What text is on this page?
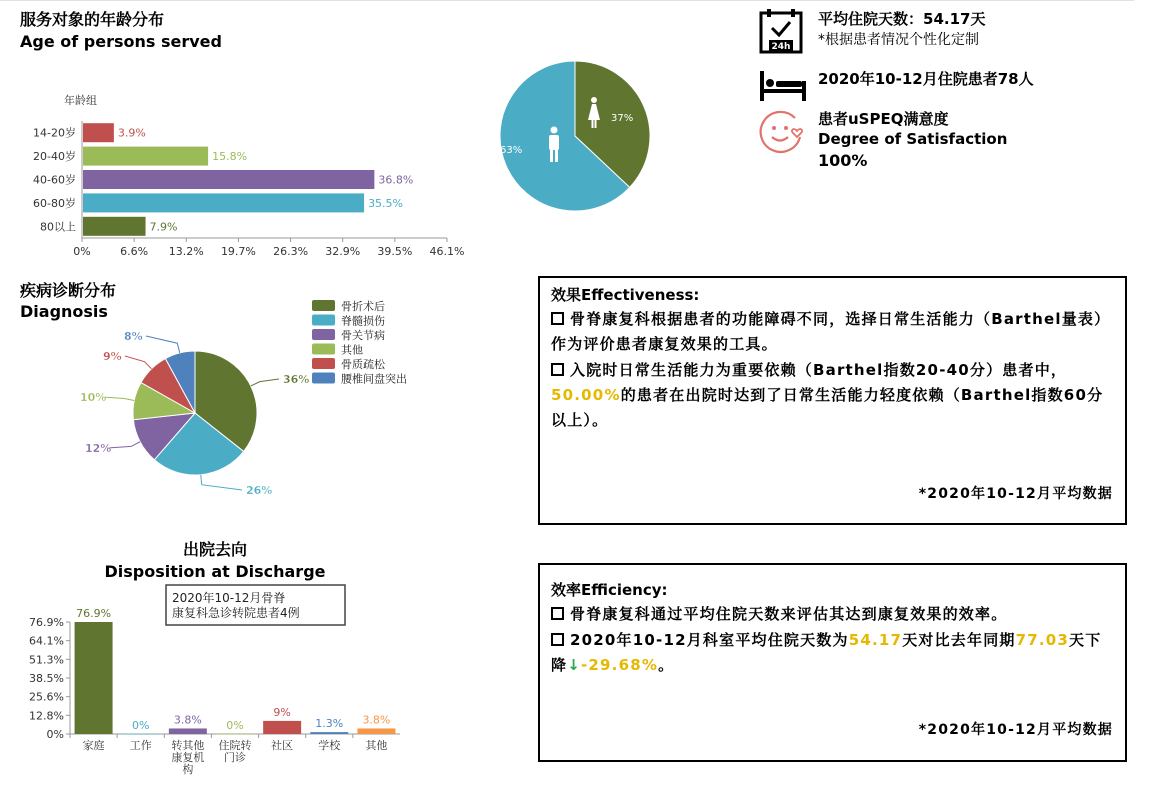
服务对象的年龄分布
Age of persons served
年龄组
14-20岁	3.9%
20-40岁	15.8%
40-60岁	36.8%
60-80岁	35.5%
80以上	7.9%
0%	6.6% 13.2% 19.7% 26.3% 32.9% 39.5% 46.1%
37%
63%
24h
平均住院天数：54.17天
*根据患者情况个性化定制
2020年10-12月住院患者78人
患者uSPEQ满意度
Degree of Satisfaction
100%
疾病诊断分布
Diagnosis
36%
26%
12%
10%
9%
8%
骨折术后
脊髓损伤
骨关节病
其他
骨质疏松
腰椎间盘突出
出院去向
Disposition at Discharge
2020年10-12月骨脊
康复科急诊转院患者4例
0%
12.8%
25.6%
38.5%
51.3%
64.1%
76.9%
76.9%
家庭
0%
工作
3.8%
转其他
康复机
构
0%
住院转
门诊
9%
社区
1.3%
学校
3.8%
其他
效果Effectiveness:
骨脊康复科根据患者的功能障碍不同，选择日常生活能力（Barthel量表）作为评价患者康复效果的工具。
入院时日常生活能力为重要依赖（Barthel指数20-40分）患者中，50.00%的患者在出院时达到了日常生活能力轻度依赖（Barthel指数60分以上）。
*2020年10-12月平均数据
效率Efficiency:
骨脊康复科通过平均住院天数来评估其达到康复效果的效率。
2020年10-12月科室平均住院天数为54.17天对比去年同期77.03天下降↓-29.68%。
*2020年10-12月平均数据
